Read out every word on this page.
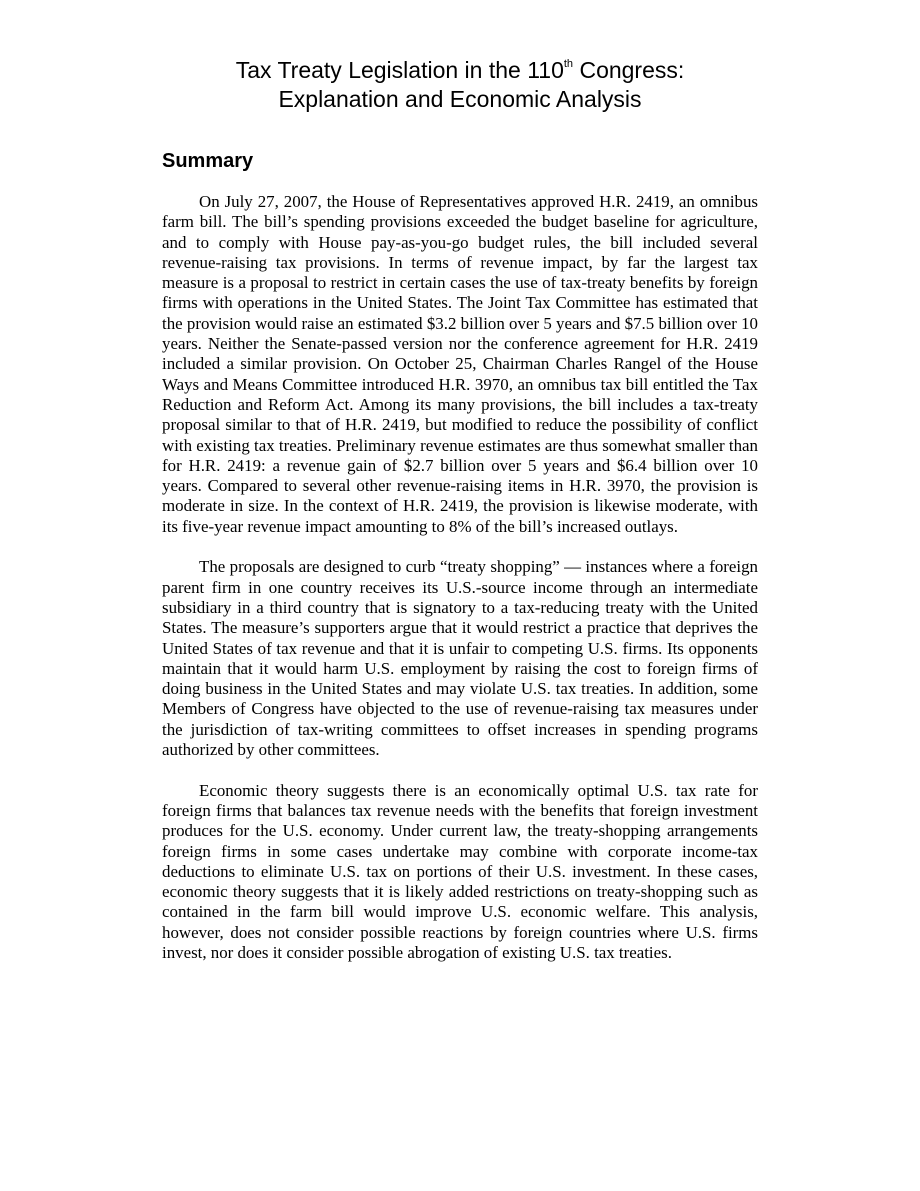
Tax Treaty Legislation in the 110th Congress:
Explanation and Economic Analysis
Summary

On July 27, 2007, the House of Representatives approved H.R. 2419, an omnibus farm bill. The bill’s spending provisions exceeded the budget baseline for agriculture, and to comply with House pay-as-you-go budget rules, the bill included several revenue-raising tax provisions. In terms of revenue impact, by far the largest tax measure is a proposal to restrict in certain cases the use of tax-treaty benefits by foreign firms with operations in the United States. The Joint Tax Committee has estimated that the provision would raise an estimated $3.2 billion over 5 years and $7.5 billion over 10 years. Neither the Senate-passed version nor the conference agreement for H.R. 2419 included a similar provision. On October 25, Chairman Charles Rangel of the House Ways and Means Committee introduced H.R. 3970, an omnibus tax bill entitled the Tax Reduction and Reform Act. Among its many provisions, the bill includes a tax-treaty proposal similar to that of H.R. 2419, but modified to reduce the possibility of conflict with existing tax treaties. Preliminary revenue estimates are thus somewhat smaller than for H.R. 2419: a revenue gain of $2.7 billion over 5 years and $6.4 billion over 10 years. Compared to several other revenue-raising items in H.R. 3970, the provision is moderate in size. In the context of H.R. 2419, the provision is likewise moderate, with its five-year revenue impact amounting to 8% of the bill’s increased outlays.

The proposals are designed to curb “treaty shopping” — instances where a foreign parent firm in one country receives its U.S.-source income through an intermediate subsidiary in a third country that is signatory to a tax-reducing treaty with the United States. The measure’s supporters argue that it would restrict a practice that deprives the United States of tax revenue and that it is unfair to competing U.S. firms. Its opponents maintain that it would harm U.S. employment by raising the cost to foreign firms of doing business in the United States and may violate U.S. tax treaties. In addition, some Members of Congress have objected to the use of revenue-raising tax measures under the jurisdiction of tax-writing committees to offset increases in spending programs authorized by other committees.

Economic theory suggests there is an economically optimal U.S. tax rate for foreign firms that balances tax revenue needs with the benefits that foreign investment produces for the U.S. economy. Under current law, the treaty-shopping arrangements foreign firms in some cases undertake may combine with corporate income-tax deductions to eliminate U.S. tax on portions of their U.S. investment. In these cases, economic theory suggests that it is likely added restrictions on treaty-shopping such as contained in the farm bill would improve U.S. economic welfare. This analysis, however, does not consider possible reactions by foreign countries where U.S. firms invest, nor does it consider possible abrogation of existing U.S. tax treaties.
